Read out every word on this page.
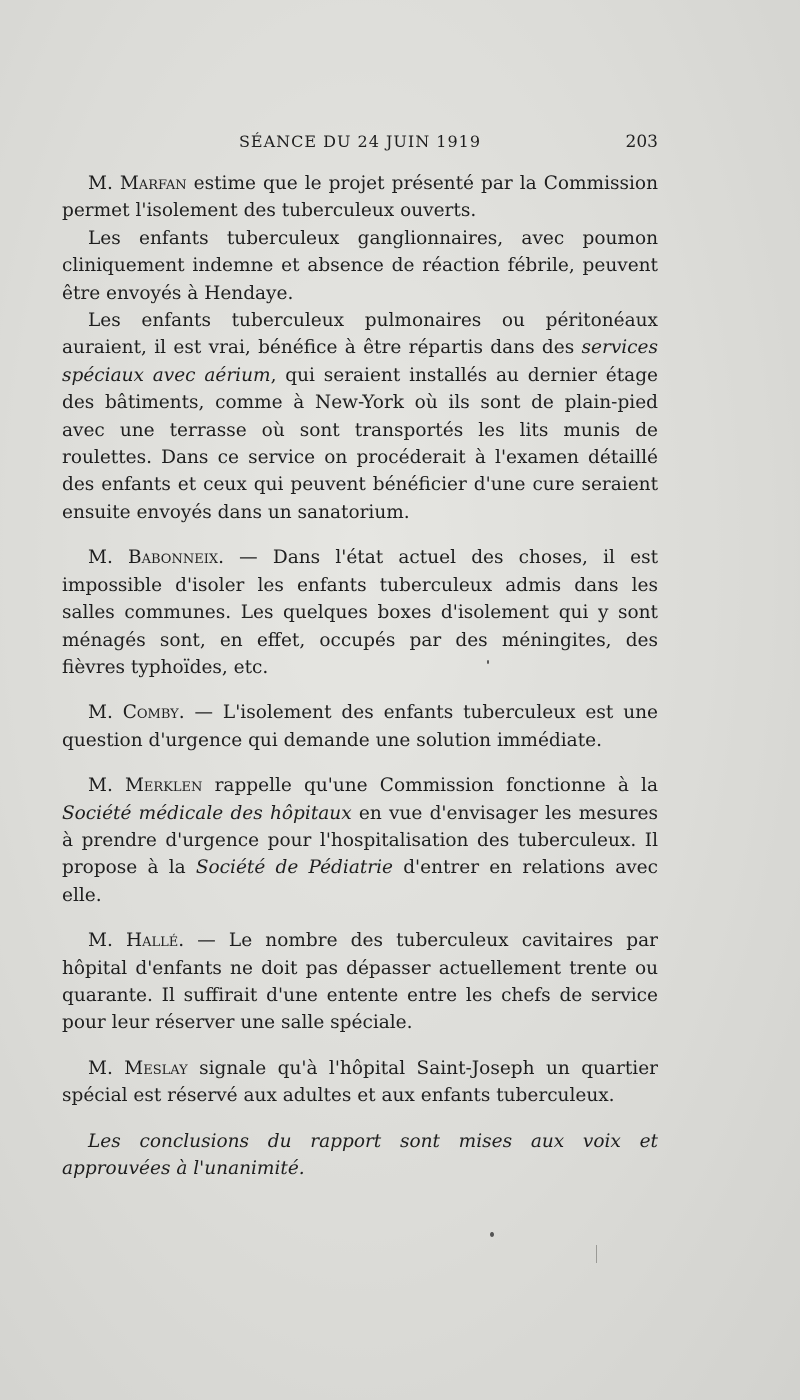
SÉANCE DU 24 JUIN 1919	203

M. Marfan estime que le projet présenté par la Commission permet l'isolement des tuberculeux ouverts.

Les enfants tuberculeux ganglionnaires, avec poumon cliniquement indemne et absence de réaction fébrile, peuvent être envoyés à Hendaye.

Les enfants tuberculeux pulmonaires ou péritonéaux auraient, il est vrai, bénéfice à être répartis dans des services spéciaux avec aérium, qui seraient installés au dernier étage des bâtiments, comme à New-York où ils sont de plain-pied avec une terrasse où sont transportés les lits munis de roulettes. Dans ce service on procéderait à l'examen détaillé des enfants et ceux qui peuvent bénéficier d'une cure seraient ensuite envoyés dans un sanatorium.

M. Babonneix. — Dans l'état actuel des choses, il est impossible d'isoler les enfants tuberculeux admis dans les salles communes. Les quelques boxes d'isolement qui y sont ménagés sont, en effet, occupés par des méningites, des fièvres typhoïdes, etc.

M. Comby. — L'isolement des enfants tuberculeux est une question d'urgence qui demande une solution immédiate.

M. Merklen rappelle qu'une Commission fonctionne à la Société médicale des hôpitaux en vue d'envisager les mesures à prendre d'urgence pour l'hospitalisation des tuberculeux. Il propose à la Société de Pédiatrie d'entrer en relations avec elle.

M. Hallé. — Le nombre des tuberculeux cavitaires par hôpital d'enfants ne doit pas dépasser actuellement trente ou quarante. Il suffirait d'une entente entre les chefs de service pour leur réserver une salle spéciale.

M. Meslay signale qu'à l'hôpital Saint-Joseph un quartier spécial est réservé aux adultes et aux enfants tuberculeux.

Les conclusions du rapport sont mises aux voix et approuvées à l'unanimité.
